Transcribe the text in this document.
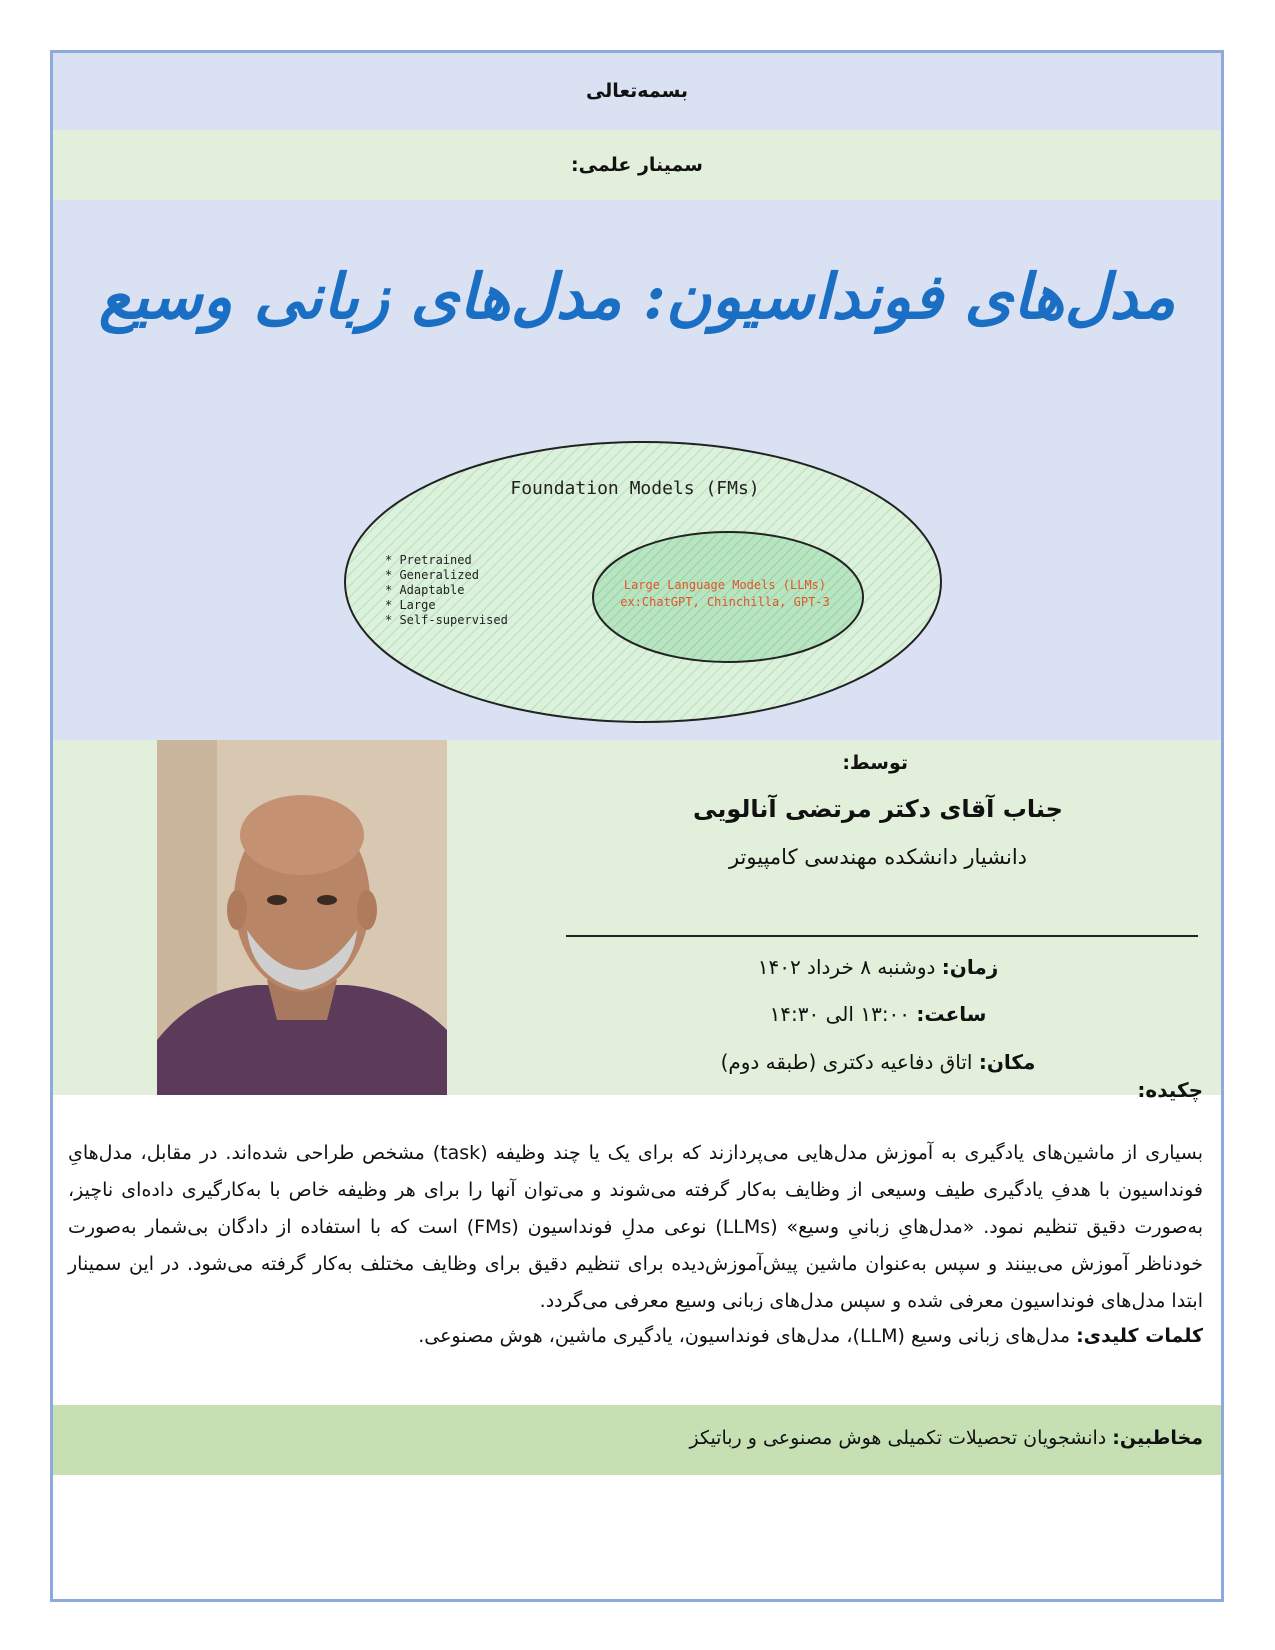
بسمه‌تعالی
سمینار علمی:
مدل‌های فونداسیون: مدل‌های زبانی وسیع
Foundation Models (FMs)
* Pretrained
* Generalized
* Adaptable
* Large
* Self-supervised
Large Language Models (LLMs)
ex:ChatGPT, Chinchilla, GPT-3
توسط:
جناب آقای دکتر مرتضی آنالویی
دانشیار دانشکده مهندسی کامپیوتر
زمان: دوشنبه ۸ خرداد ۱۴۰۲
ساعت: ۱۳:۰۰ الی ۱۴:۳۰
مکان: اتاق دفاعیه دکتری (طبقه دوم)
چکیده:
بسیاری از ماشین‌های یادگیری به آموزش مدل‌هایی می‌پردازند که برای یک یا چند وظیفه (task) مشخص طراحی شده‌اند. در مقابل، مدل‌هایِ فونداسیون با هدفِ یادگیری طیف وسیعی از وظایف به‌کار گرفته می‌شوند و می‌توان آنها را برای هر وظیفه خاص با به‌کارگیری داده‌ای ناچیز، به‌صورت دقیق تنظیم نمود. «مدل‌هایِ زبانیِ وسیع» (LLMs) نوعی مدلِ فونداسیون (FMs) است که با استفاده از دادگان بی‌شمار به‌صورت خودناظر آموزش می‌بینند و سپس به‌عنوان ماشین پیش‌آموزش‌دیده برای تنظیم دقیق برای وظایف مختلف به‌کار گرفته می‌شود. در این سمینار ابتدا مدل‌های فونداسیون معرفی شده و سپس مدل‌های زبانی وسیع معرفی می‌گردد.
کلمات کلیدی: مدل‌های زبانی وسیع (LLM)، مدل‌های فونداسیون، یادگیری ماشین، هوش مصنوعی.
مخاطبین: دانشجویان تحصیلات تکمیلی هوش مصنوعی و رباتیکز
